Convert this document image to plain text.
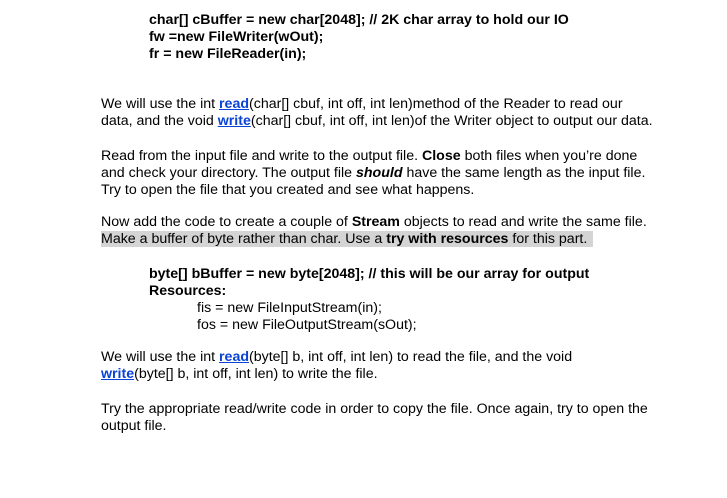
char[] cBuffer = new char[2048]; // 2K char array to hold our IO
fw =new FileWriter(wOut);
fr = new FileReader(in);
We will use the int read(char[] cbuf, int off, int len)method of the Reader to read our
data, and the void write(char[] cbuf, int off, int len)of the Writer object to output our data.
Read from the input file and write to the output file. Close both files when you’re done
and check your directory. The output file should have the same length as the input file.
Try to open the file that you created and see what happens.
Now add the code to create a couple of Stream objects to read and write the same file.
Make a buffer of byte rather than char. Use a try with resources for this part.
byte[] bBuffer = new byte[2048]; // this will be our array for output
Resources:
fis = new FileInputStream(in);
fos = new FileOutputStream(sOut);
We will use the int read(byte[] b, int off, int len) to read the file, and the void
write(byte[] b, int off, int len) to write the file.
Try the appropriate read/write code in order to copy the file. Once again, try to open the
output file.
